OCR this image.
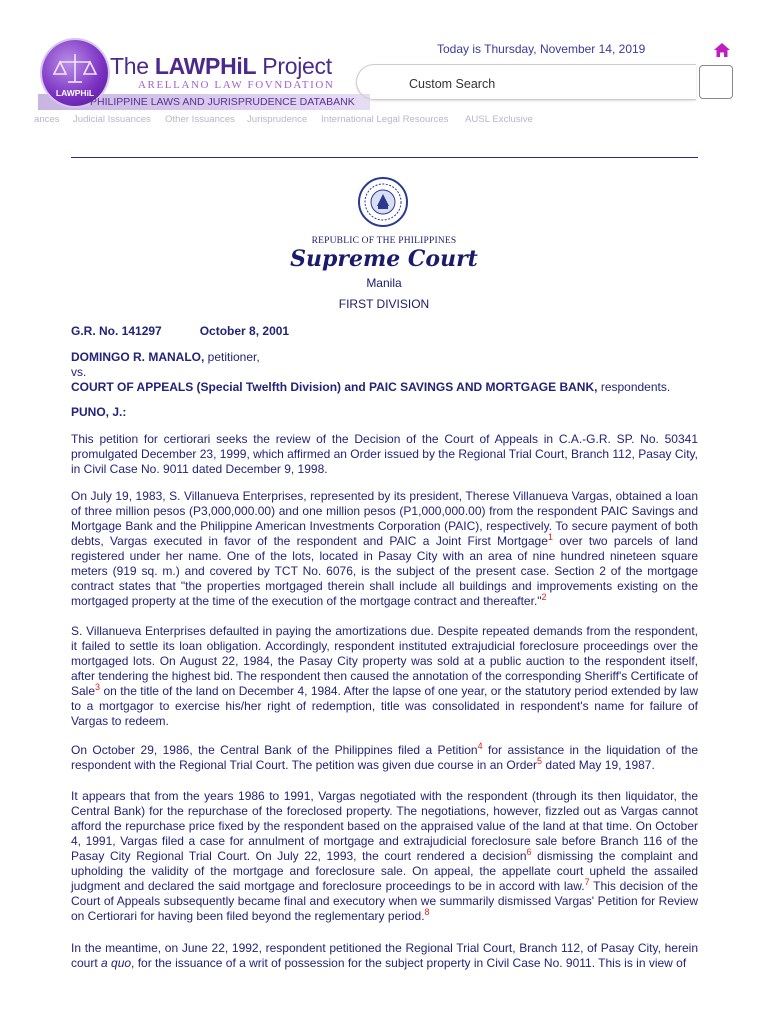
LAWPHiL
The LAWPHiL Project
ARELLANO LAW FOVNDATION
PHILIPPINE LAWS AND JURISPRUDENCE DATABANK
Today is Thursday, November 14, 2019
Custom Search
ances Judicial Issuances Other Issuances Jurisprudence International Legal Resources AUSL Exclusive
REPUBLIC OF THE PHILIPPINES
Supreme Court
Manila
FIRST DIVISION
G.R. No. 141297	October 8, 2001
DOMINGO R. MANALO, petitioner,
vs.
COURT OF APPEALS (Special Twelfth Division) and PAIC SAVINGS AND MORTGAGE BANK, respondents.
PUNO, J.:
This petition for certiorari seeks the review of the Decision of the Court of Appeals in C.A.-G.R. SP. No. 50341 promulgated December 23, 1999, which affirmed an Order issued by the Regional Trial Court, Branch 112, Pasay City, in Civil Case No. 9011 dated December 9, 1998.
On July 19, 1983, S. Villanueva Enterprises, represented by its president, Therese Villanueva Vargas, obtained a loan of three million pesos (P3,000,000.00) and one million pesos (P1,000,000.00) from the respondent PAIC Savings and Mortgage Bank and the Philippine American Investments Corporation (PAIC), respectively. To secure payment of both debts, Vargas executed in favor of the respondent and PAIC a Joint First Mortgage$^1$ over two parcels of land registered under her name. One of the lots, located in Pasay City with an area of nine hundred nineteen square meters (919 sq. m.) and covered by TCT No. 6076, is the subject of the present case. Section 2 of the mortgage contract states that "the properties mortgaged therein shall include all buildings and improvements existing on the mortgaged property at the time of the execution of the mortgage contract and thereafter."$^2$
S. Villanueva Enterprises defaulted in paying the amortizations due. Despite repeated demands from the respondent, it failed to settle its loan obligation. Accordingly, respondent instituted extrajudicial foreclosure proceedings over the mortgaged lots. On August 22, 1984, the Pasay City property was sold at a public auction to the respondent itself, after tendering the highest bid. The respondent then caused the annotation of the corresponding Sheriff's Certificate of Sale$^3$ on the title of the land on December 4, 1984. After the lapse of one year, or the statutory period extended by law to a mortgagor to exercise his/her right of redemption, title was consolidated in respondent's name for failure of Vargas to redeem.
On October 29, 1986, the Central Bank of the Philippines filed a Petition$^4$ for assistance in the liquidation of the respondent with the Regional Trial Court. The petition was given due course in an Order$^5$ dated May 19, 1987.
It appears that from the years 1986 to 1991, Vargas negotiated with the respondent (through its then liquidator, the Central Bank) for the repurchase of the foreclosed property. The negotiations, however, fizzled out as Vargas cannot afford the repurchase price fixed by the respondent based on the appraised value of the land at that time. On October 4, 1991, Vargas filed a case for annulment of mortgage and extrajudicial foreclosure sale before Branch 116 of the Pasay City Regional Trial Court. On July 22, 1993, the court rendered a decision$^6$ dismissing the complaint and upholding the validity of the mortgage and foreclosure sale. On appeal, the appellate court upheld the assailed judgment and declared the said mortgage and foreclosure proceedings to be in accord with law.$^7$ This decision of the Court of Appeals subsequently became final and executory when we summarily dismissed Vargas' Petition for Review on Certiorari for having been filed beyond the reglementary period.$^8$
In the meantime, on June 22, 1992, respondent petitioned the Regional Trial Court, Branch 112, of Pasay City, herein court a quo, for the issuance of a writ of possession for the subject property in Civil Case No. 9011. This is in view of
